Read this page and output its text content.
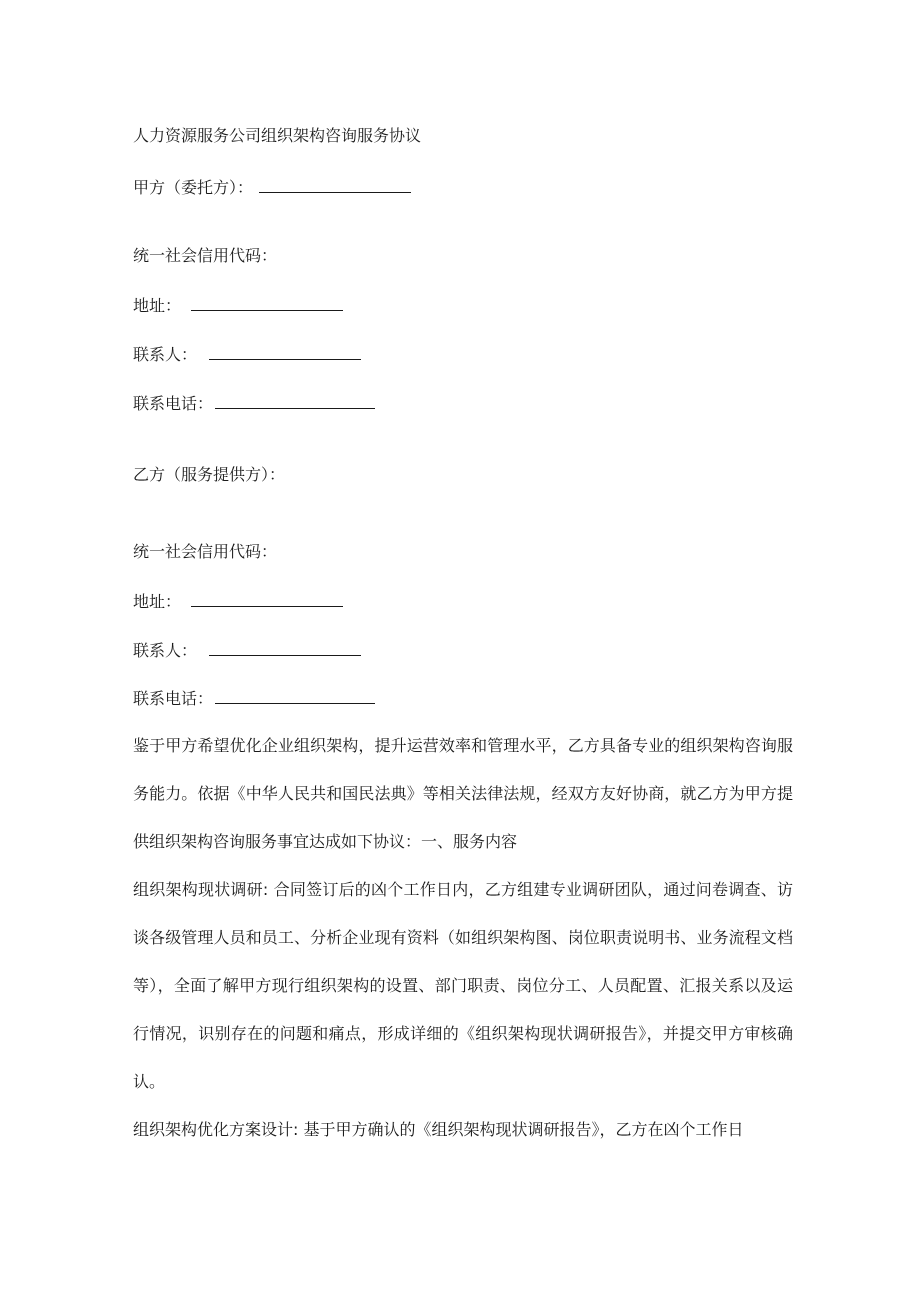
人力资源服务公司组织架构咨询服务协议
甲方（委托方）：
统一社会信用代码：
地址：
联系人：
联系电话：
乙方（服务提供方）：
统一社会信用代码：
地址：
联系人：
联系电话：
鉴于甲方希望优化企业组织架构，提升运营效率和管理水平，乙方具备专业的组织架构咨询服务能力。依据《中华人民共和国民法典》等相关法律法规，经双方友好协商，就乙方为甲方提供组织架构咨询服务事宜达成如下协议：一、服务内容
组织架构现状调研: 合同签订后的凶个工作日内，乙方组建专业调研团队，通过问卷调查、访谈各级管理人员和员工、分析企业现有资料（如组织架构图、岗位职责说明书、业务流程文档等），全面了解甲方现行组织架构的设置、部门职责、岗位分工、人员配置、汇报关系以及运行情况，识别存在的问题和痛点，形成详细的《组织架构现状调研报告》，并提交甲方审核确认。
组织架构优化方案设计: 基于甲方确认的《组织架构现状调研报告》，乙方在凶个工作日
